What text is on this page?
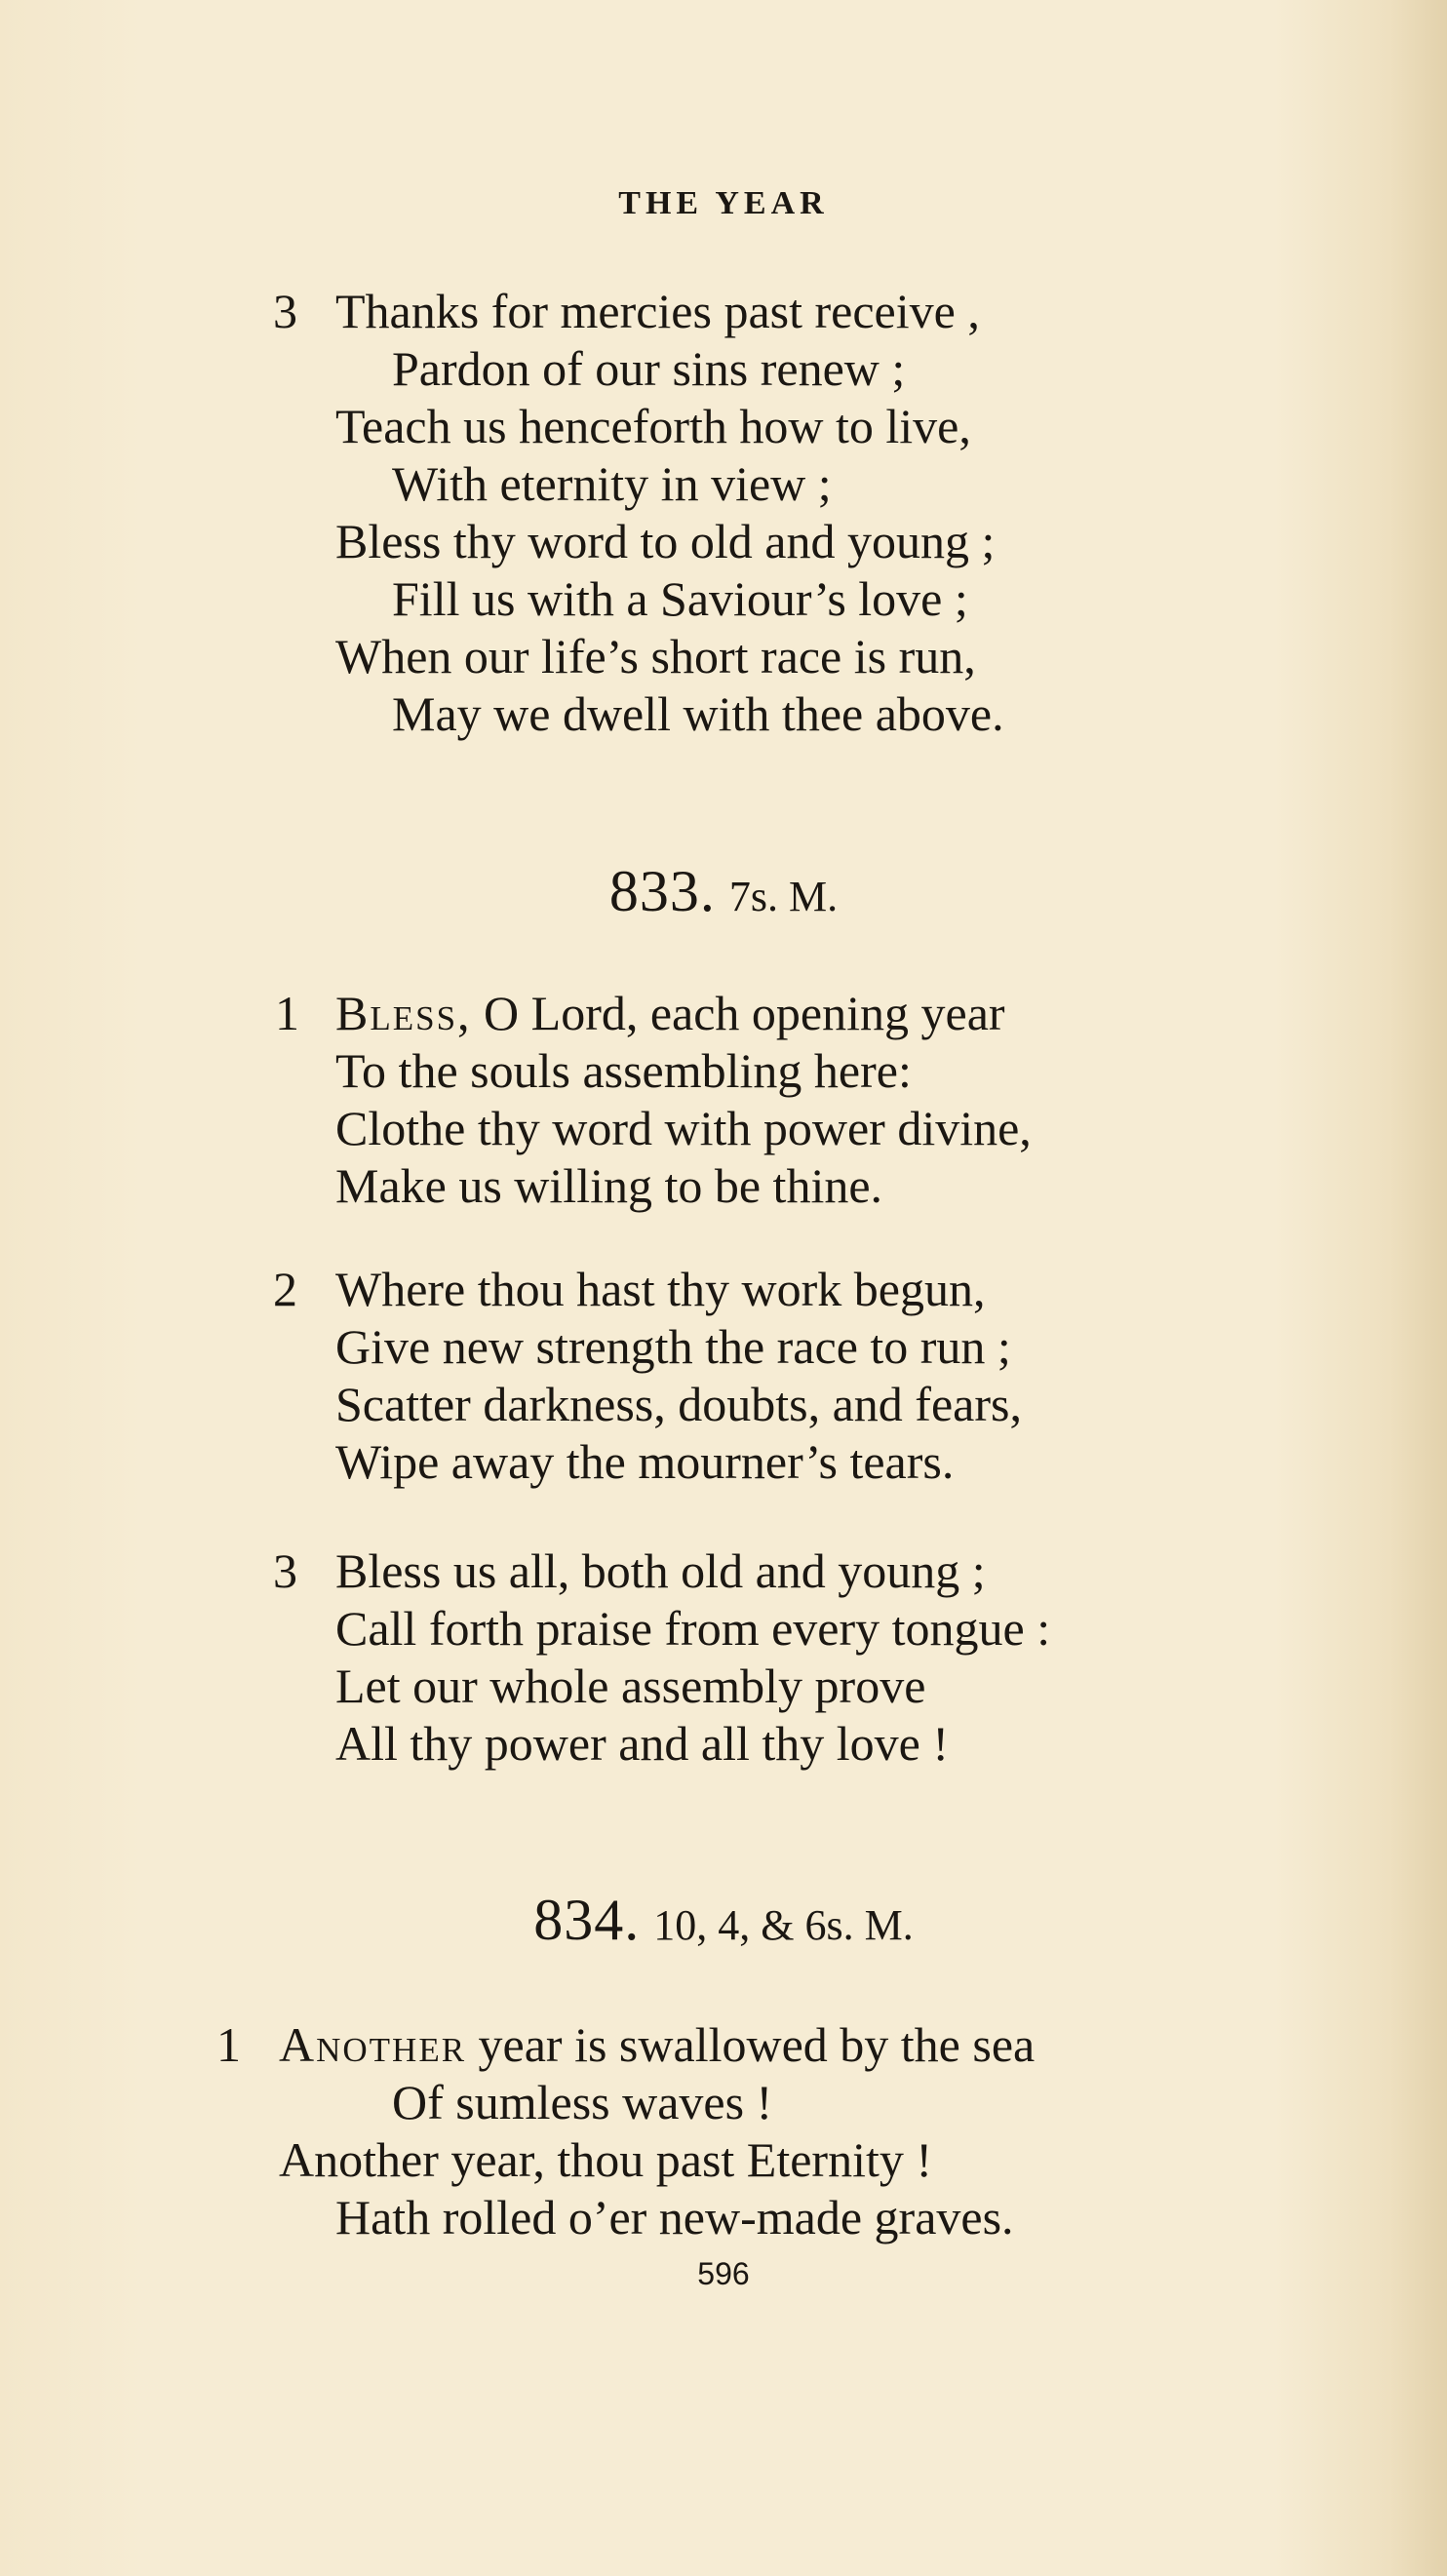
THE YEAR
3 Thanks for mercies past receive ,
Pardon of our sins renew ;
Teach us henceforth how to live,
With eternity in view ;
Bless thy word to old and young ;
Fill us with a Saviour’s love ;
When our life’s short race is run,
May we dwell with thee above.
833. 7s. M.
1 Bless, O Lord, each opening year
To the souls assembling here:
Clothe thy word with power divine,
Make us willing to be thine.
2 Where thou hast thy work begun,
Give new strength the race to run ;
Scatter darkness, doubts, and fears,
Wipe away the mourner’s tears.
3 Bless us all, both old and young ;
Call forth praise from every tongue :
Let our whole assembly prove
All thy power and all thy love !
834. 10, 4, & 6s. M.
1 Another year is swallowed by the sea
Of sumless waves !
Another year, thou past Eternity !
Hath rolled o’er new-made graves.
596
